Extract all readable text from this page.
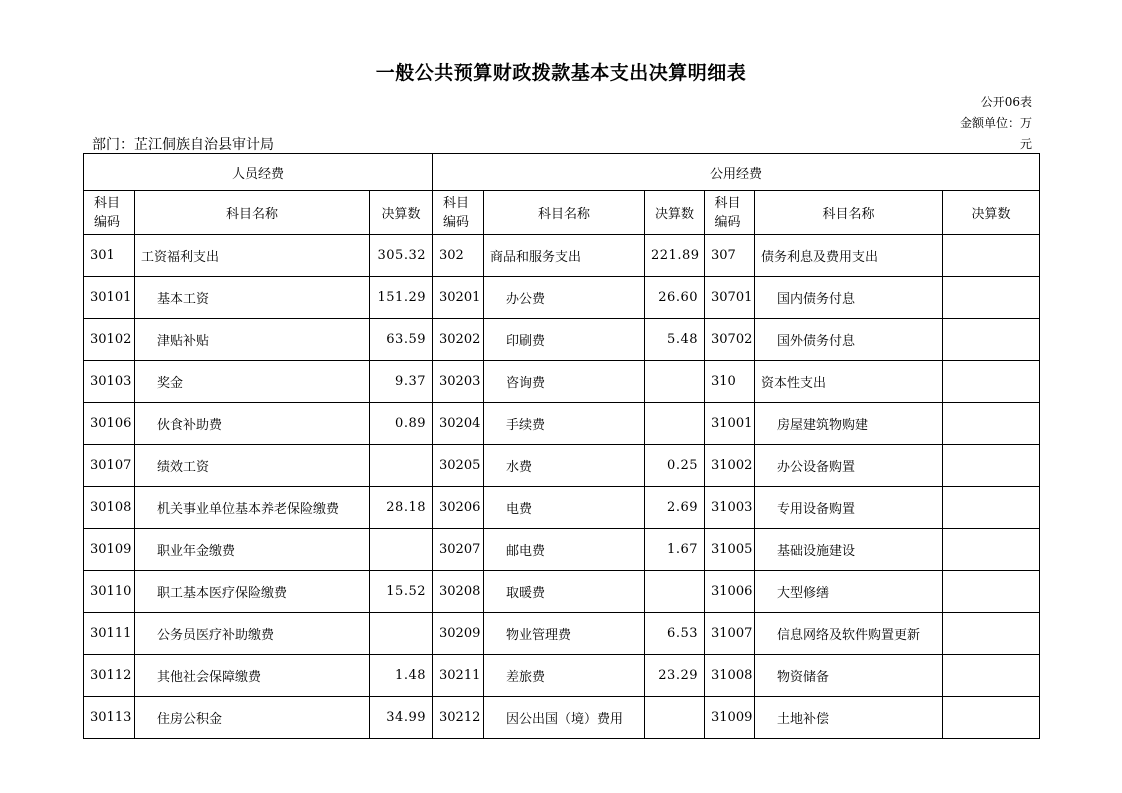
一般公共预算财政拨款基本支出决算明细表
公开06表
金额单位：万
元
部门：芷江侗族自治县审计局
人员经费			公用经费					
科目编码	科目名称	决算数	科目编码	科目名称	决算数	科目编码	科目名称	决算数
301	工资福利支出	305.32	302	商品和服务支出	221.89	307	债务利息及费用支出	
30101	基本工资	151.29	30201	办公费	26.60	30701	国内债务付息	
30102	津贴补贴	63.59	30202	印刷费	5.48	30702	国外债务付息	
30103	奖金	9.37	30203	咨询费		310	资本性支出	
30106	伙食补助费	0.89	30204	手续费		31001	房屋建筑物购建	
30107	绩效工资		30205	水费	0.25	31002	办公设备购置	
30108	机关事业单位基本养老保险缴费	28.18	30206	电费	2.69	31003	专用设备购置	
30109	职业年金缴费		30207	邮电费	1.67	31005	基础设施建设	
30110	职工基本医疗保险缴费	15.52	30208	取暖费		31006	大型修缮	
30111	公务员医疗补助缴费		30209	物业管理费	6.53	31007	信息网络及软件购置更新	
30112	其他社会保障缴费	1.48	30211	差旅费	23.29	31008	物资储备	
30113	住房公积金	34.99	30212	因公出国（境）费用		31009	土地补偿	
